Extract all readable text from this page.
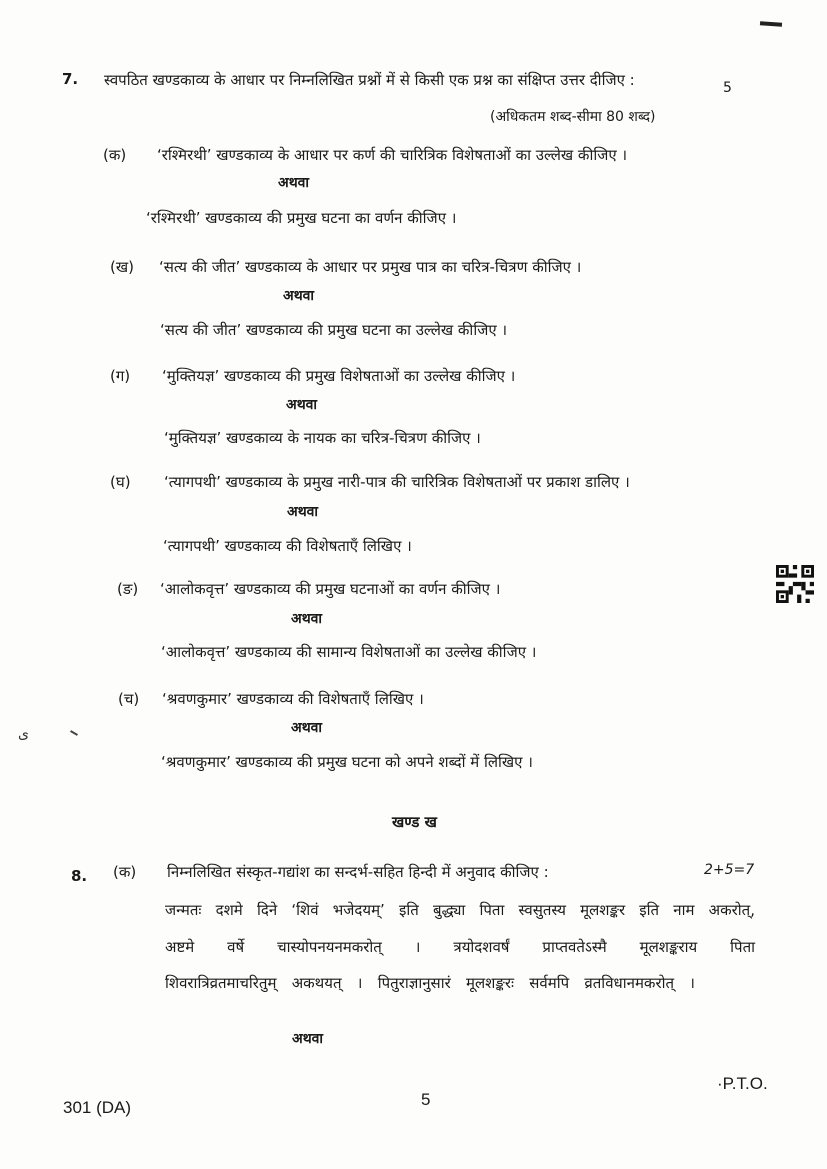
7. स्वपठित खण्डकाव्य के आधार पर निम्नलिखित प्रश्नों में से किसी एक प्रश्न का संक्षिप्त उत्तर दीजिए :	5
(अधिकतम शब्द-सीमा 80 शब्द)
(क) ‘रश्मिरथी’ खण्डकाव्य के आधार पर कर्ण की चारित्रिक विशेषताओं का उल्लेख कीजिए ।
अथवा
‘रश्मिरथी’ खण्डकाव्य की प्रमुख घटना का वर्णन कीजिए ।
(ख) ‘सत्य की जीत’ खण्डकाव्य के आधार पर प्रमुख पात्र का चरित्र-चित्रण कीजिए ।
अथवा
‘सत्य की जीत’ खण्डकाव्य की प्रमुख घटना का उल्लेख कीजिए ।
(ग) ‘मुक्तियज्ञ’ खण्डकाव्य की प्रमुख विशेषताओं का उल्लेख कीजिए ।
अथवा
‘मुक्तियज्ञ’ खण्डकाव्य के नायक का चरित्र-चित्रण कीजिए ।
(घ) ‘त्यागपथी’ खण्डकाव्य के प्रमुख नारी-पात्र की चारित्रिक विशेषताओं पर प्रकाश डालिए ।
अथवा
‘त्यागपथी’ खण्डकाव्य की विशेषताएँ लिखिए ।
(ङ) ‘आलोकवृत्त’ खण्डकाव्य की प्रमुख घटनाओं का वर्णन कीजिए ।
अथवा
‘आलोकवृत्त’ खण्डकाव्य की सामान्य विशेषताओं का उल्लेख कीजिए ।
(च) ‘श्रवणकुमार’ खण्डकाव्य की विशेषताएँ लिखिए ।
अथवा
‘श्रवणकुमार’ खण्डकाव्य की प्रमुख घटना को अपने शब्दों में लिखिए ।
ی
खण्ड ख
8. (क) निम्नलिखित संस्कृत-गद्यांश का सन्दर्भ-सहित हिन्दी में अनुवाद कीजिए :	2+5=7
जन्मतः दशमे दिने ‘शिवं भजेदयम्’ इति बुद्ध्या पिता स्वसुतस्य मूलशङ्कर इति नाम अकरोत्,
अष्टमे वर्षे चास्योपनयनमकरोत् । त्रयोदशवर्षं प्राप्तवतेऽस्मै मूलशङ्कराय पिता
शिवरात्रिव्रतमाचरितुम् अकथयत् । पितुराज्ञानुसारं मूलशङ्करः सर्वमपि व्रतविधानमकरोत् ।
अथवा
301 (DA)	5
·P.T.O.
